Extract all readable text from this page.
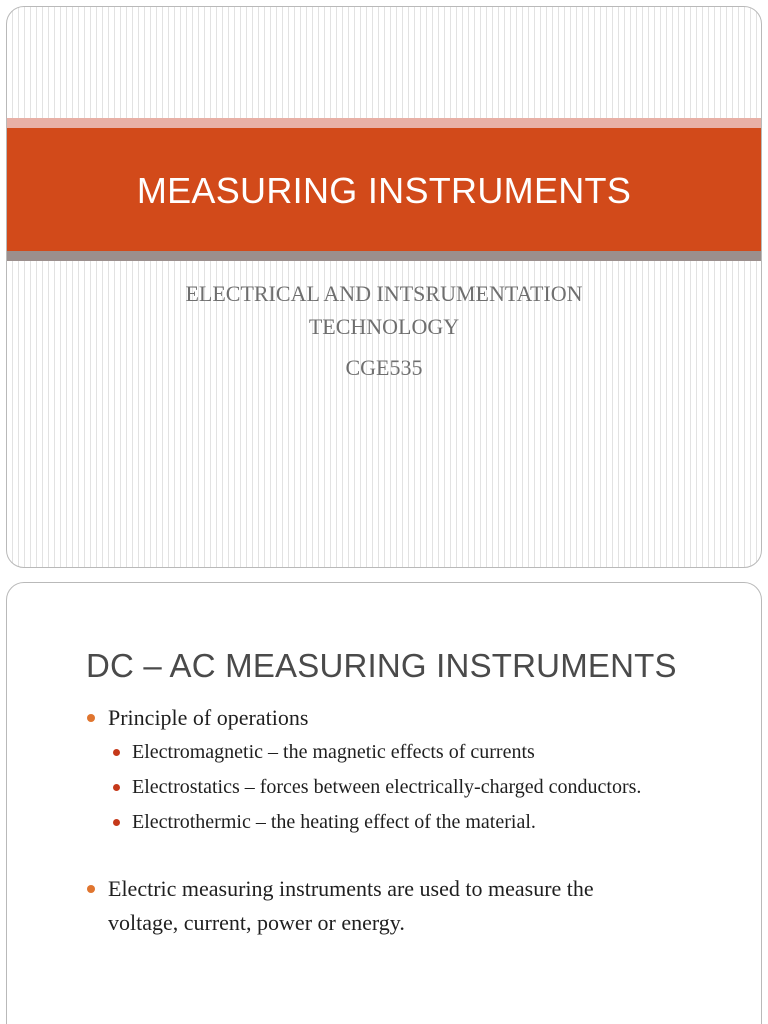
MEASURING INSTRUMENTS
ELECTRICAL AND INTSRUMENTATION
TECHNOLOGY
CGE535
DC – AC MEASURING INSTRUMENTS
Principle of operations
Electromagnetic – the magnetic effects of currents
Electrostatics – forces between electrically-charged conductors.
Electrothermic – the heating effect of the material.
Electric measuring instruments are used to measure the
voltage, current, power or energy.
